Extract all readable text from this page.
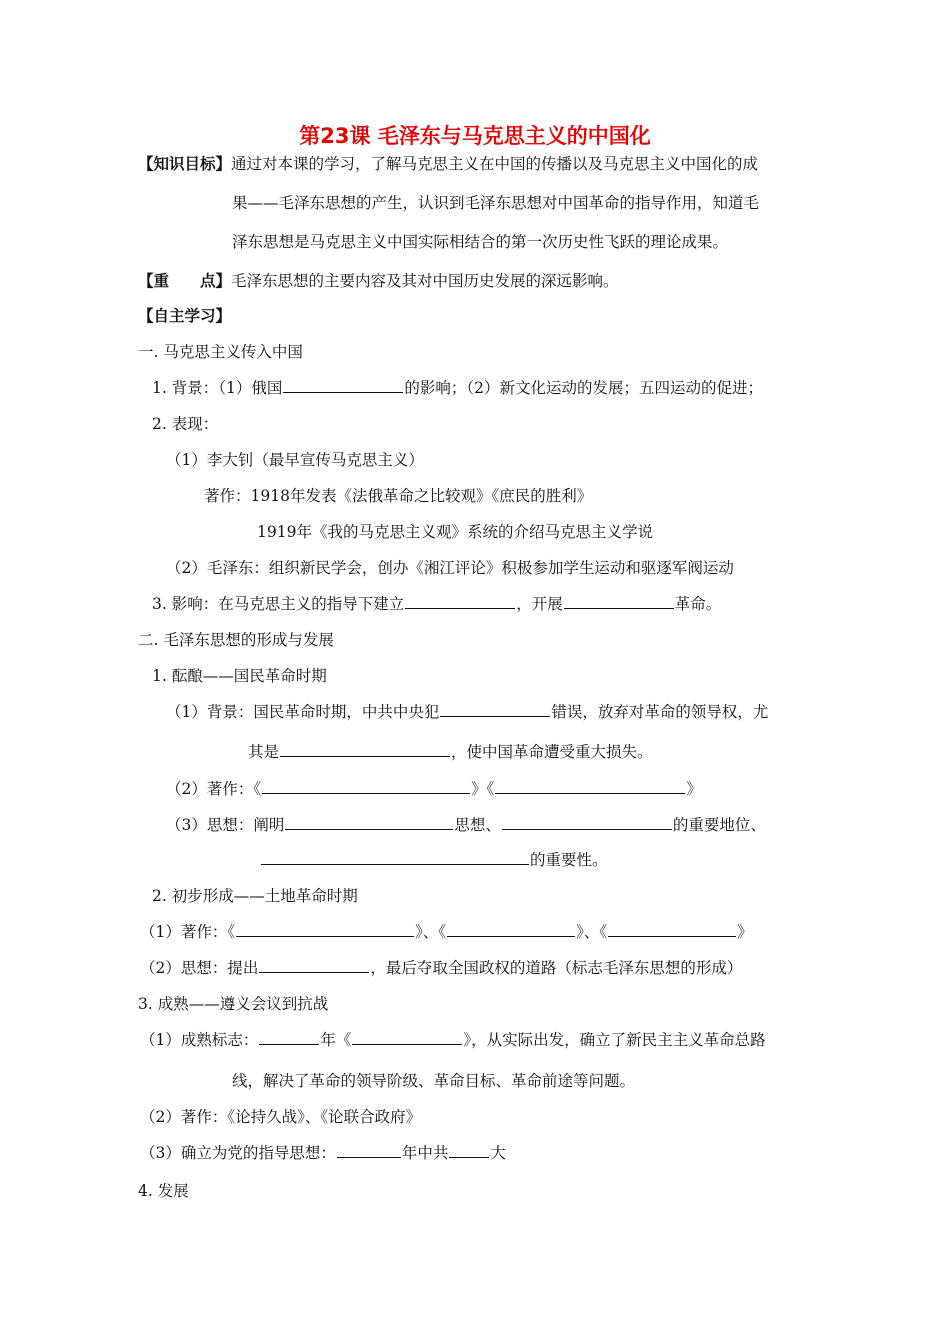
第23课 毛泽东与马克思主义的中国化
【知识目标】通过对本课的学习，了解马克思主义在中国的传播以及马克思主义中国化的成
果——毛泽东思想的产生，认识到毛泽东思想对中国革命的指导作用，知道毛
泽东思想是马克思主义中国实际相结合的第一次历史性飞跃的理论成果。
【重　　点】毛泽东思想的主要内容及其对中国历史发展的深远影响。
【自主学习】
一. 马克思主义传入中国
1. 背景：（1）俄国	的影响；（2）新文化运动的发展；五四运动的促进；
2. 表现：
（1）李大钊（最早宣传马克思主义）
著作：1918年发表《法俄革命之比较观》《庶民的胜利》
1919年《我的马克思主义观》系统的介绍马克思主义学说
（2）毛泽东：组织新民学会，创办《湘江评论》积极参加学生运动和驱逐军阀运动
3. 影响：在马克思主义的指导下建立	，开展	革命。
二. 毛泽东思想的形成与发展
1. 酝酿——国民革命时期
（1）背景：国民革命时期，中共中央犯	错误，放弃对革命的领导权，尤
其是	，使中国革命遭受重大损失。
（2）著作：《	》《	》
（3）思想：阐明	思想、	的重要地位、
的重要性。
2. 初步形成——土地革命时期
（1）著作：《	》、《	》、《	》
（2）思想：提出	，最后夺取全国政权的道路（标志毛泽东思想的形成）
3. 成熟——遵义会议到抗战
（1）成熟标志：	年《	》，从实际出发，确立了新民主主义革命总路
线，解决了革命的领导阶级、革命目标、革命前途等问题。
（2）著作：《论持久战》、《论联合政府》
（3）确立为党的指导思想：	年中共	大
4. 发展
